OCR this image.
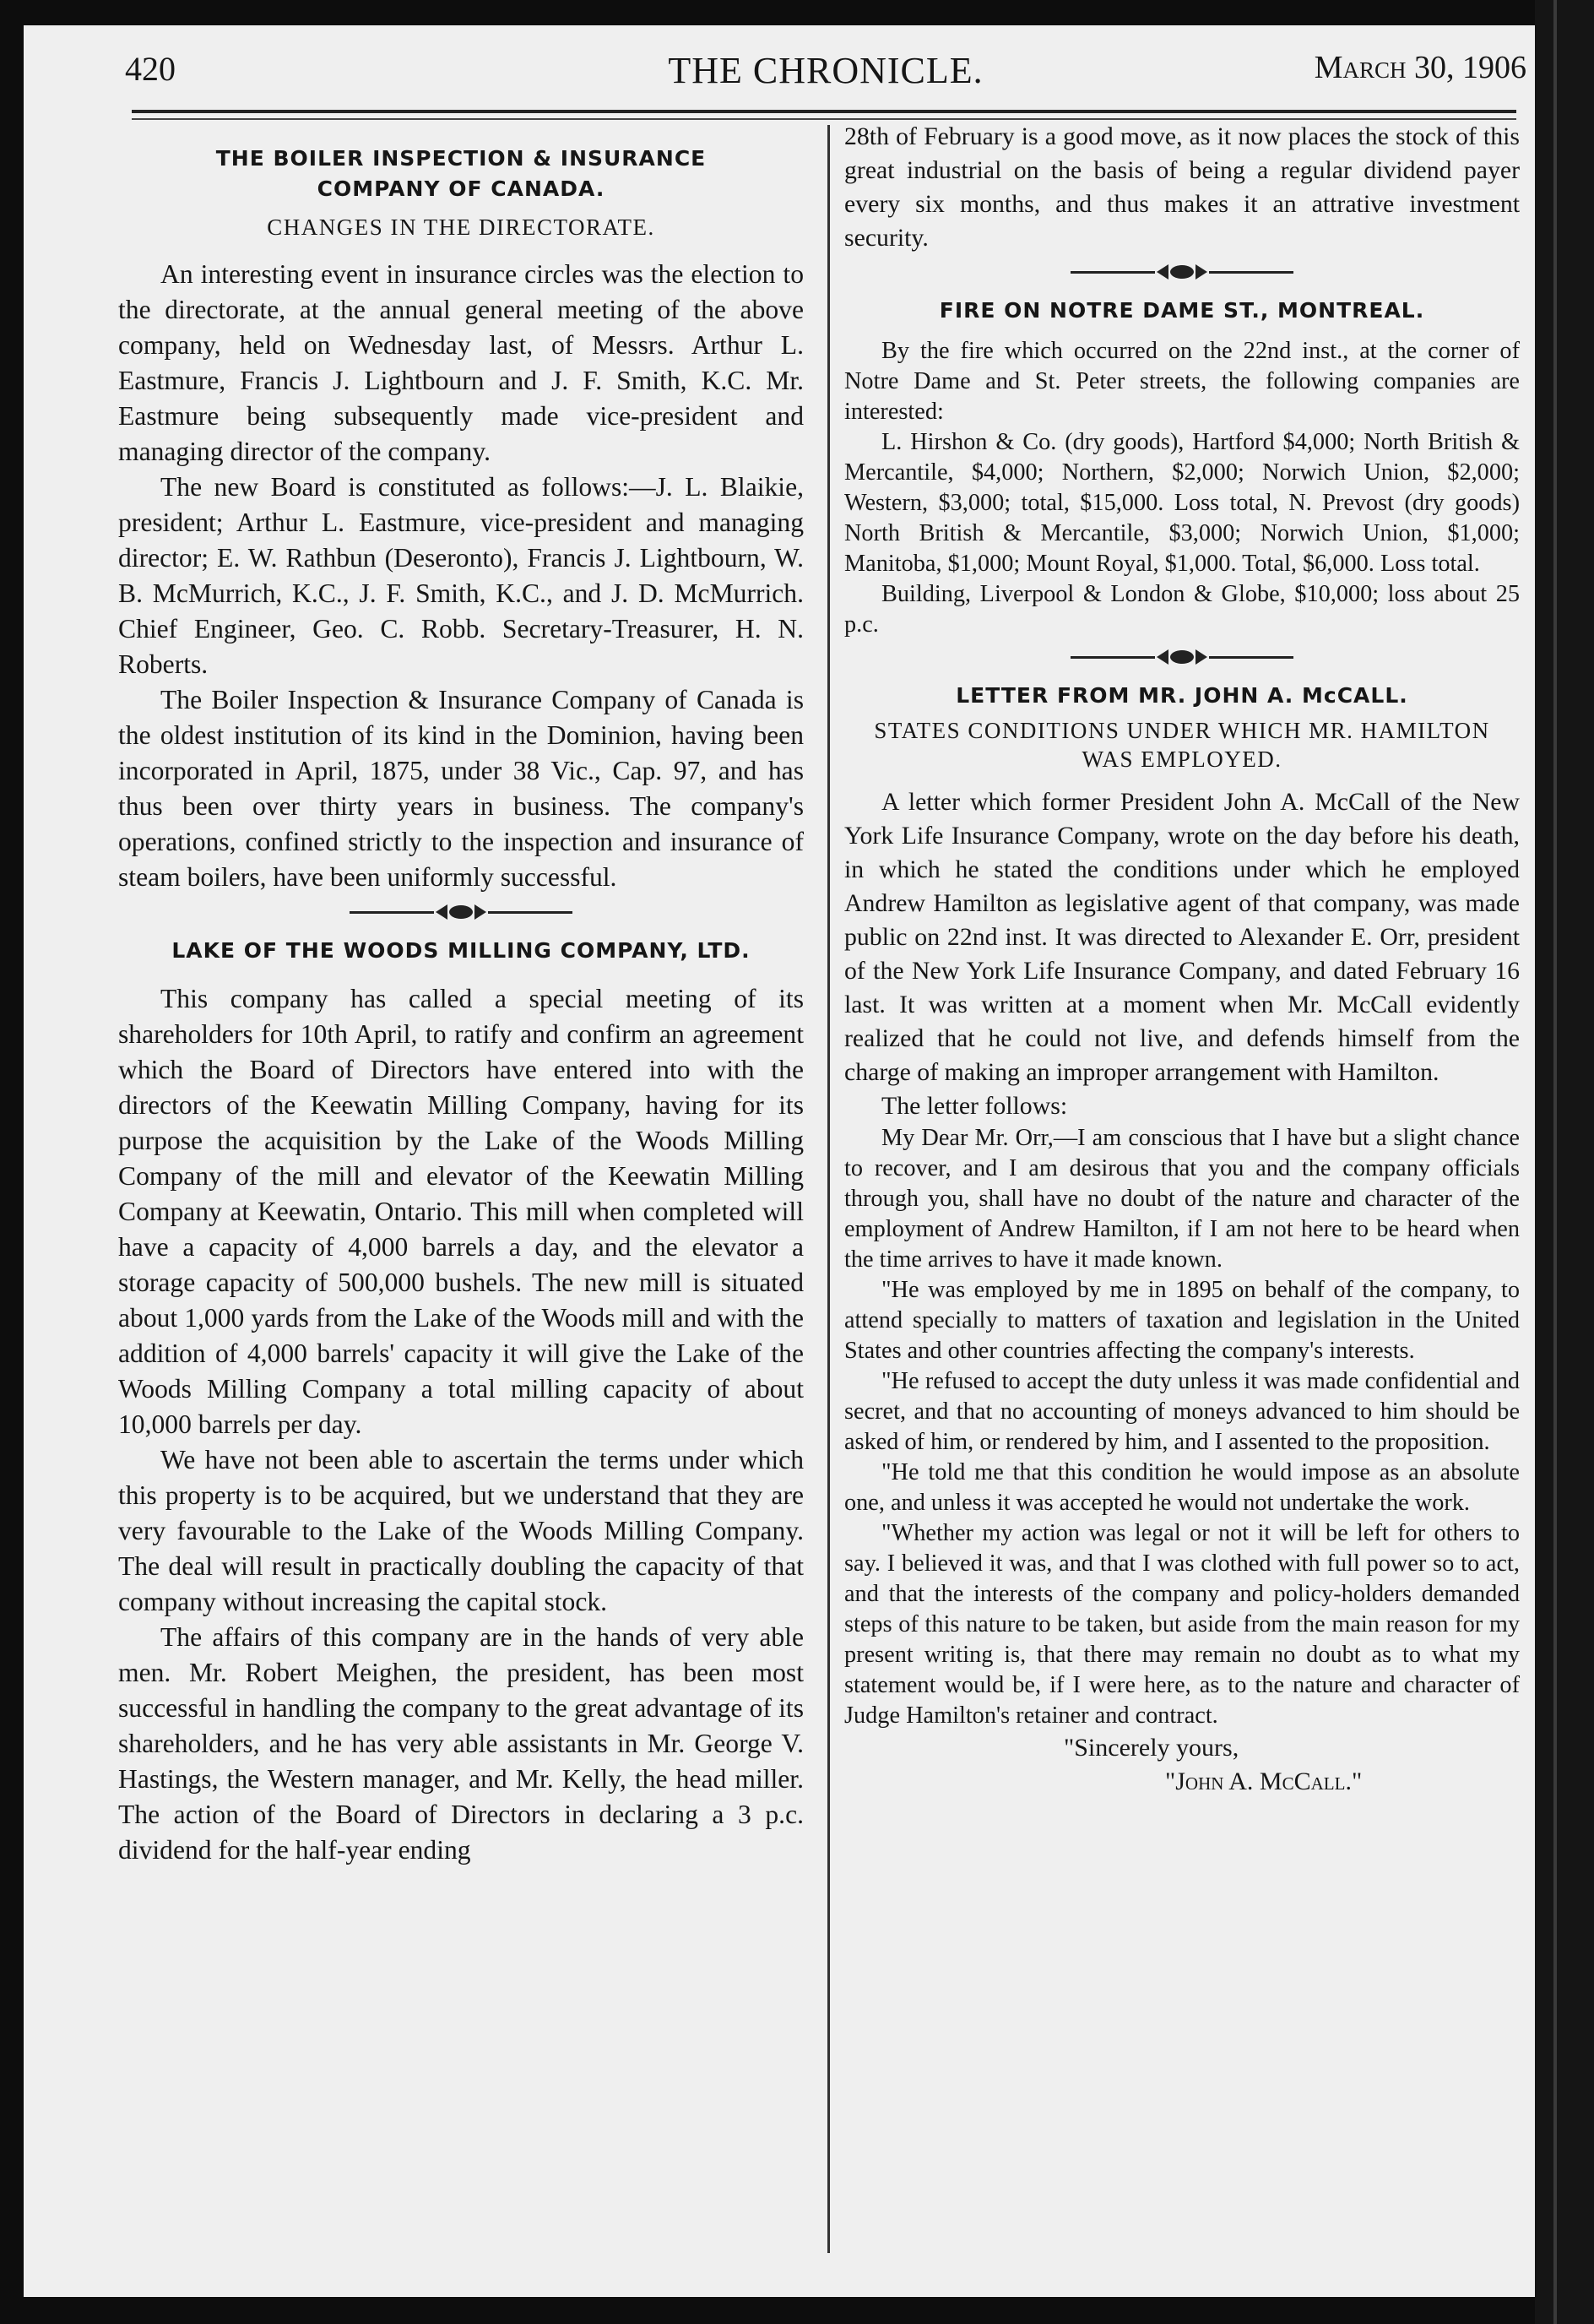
420	THE CHRONICLE.	March 30, 1906
THE BOILER INSPECTION & INSURANCE
COMPANY OF CANADA.
CHANGES IN THE DIRECTORATE.

An interesting event in insurance circles was the election to the directorate, at the annual general meeting of the above company, held on Wednesday last, of Messrs. Arthur L. Eastmure, Francis J. Lightbourn and J. F. Smith, K.C. Mr. Eastmure being subsequently made vice-president and managing director of the company.

The new Board is constituted as follows:—J. L. Blaikie, president; Arthur L. Eastmure, vice-president and managing director; E. W. Rathbun (Deseronto), Francis J. Lightbourn, W. B. McMurrich, K.C., J. F. Smith, K.C., and J. D. McMurrich. Chief Engineer, Geo. C. Robb. Secretary-Treasurer, H. N. Roberts.

The Boiler Inspection & Insurance Company of Canada is the oldest institution of its kind in the Dominion, having been incorporated in April, 1875, under 38 Vic., Cap. 97, and has thus been over thirty years in business. The company's operations, confined strictly to the inspection and insurance of steam boilers, have been uniformly successful.

LAKE OF THE WOODS MILLING COMPANY, LTD.

This company has called a special meeting of its shareholders for 10th April, to ratify and confirm an agreement which the Board of Directors have entered into with the directors of the Keewatin Milling Company, having for its purpose the acquisition by the Lake of the Woods Milling Company of the mill and elevator of the Keewatin Milling Company at Keewatin, Ontario. This mill when completed will have a capacity of 4,000 barrels a day, and the elevator a storage capacity of 500,000 bushels. The new mill is situated about 1,000 yards from the Lake of the Woods mill and with the addition of 4,000 barrels' capacity it will give the Lake of the Woods Milling Company a total milling capacity of about 10,000 barrels per day.

We have not been able to ascertain the terms under which this property is to be acquired, but we understand that they are very favourable to the Lake of the Woods Milling Company. The deal will result in practically doubling the capacity of that company without increasing the capital stock.

The affairs of this company are in the hands of very able men. Mr. Robert Meighen, the president, has been most successful in handling the company to the great advantage of its shareholders, and he has very able assistants in Mr. George V. Hastings, the Western manager, and Mr. Kelly, the head miller. The action of the Board of Directors in declaring a 3 p.c. dividend for the half-year ending

28th of February is a good move, as it now places the stock of this great industrial on the basis of being a regular dividend payer every six months, and thus makes it an attrative investment security.

FIRE ON NOTRE DAME ST., MONTREAL.

By the fire which occurred on the 22nd inst., at the corner of Notre Dame and St. Peter streets, the following companies are interested:

L. Hirshon & Co. (dry goods), Hartford $4,000; North British & Mercantile, $4,000; Northern, $2,000; Norwich Union, $2,000; Western, $3,000; total, $15,000. Loss total, N. Prevost (dry goods) North British & Mercantile, $3,000; Norwich Union, $1,000; Manitoba, $1,000; Mount Royal, $1,000. Total, $6,000. Loss total.

Building, Liverpool & London & Globe, $10,000; loss about 25 p.c.

LETTER FROM MR. JOHN A. McCALL.
STATES CONDITIONS UNDER WHICH MR. HAMILTON
WAS EMPLOYED.

A letter which former President John A. McCall of the New York Life Insurance Company, wrote on the day before his death, in which he stated the conditions under which he employed Andrew Hamilton as legislative agent of that company, was made public on 22nd inst. It was directed to Alexander E. Orr, president of the New York Life Insurance Company, and dated February 16 last. It was written at a moment when Mr. McCall evidently realized that he could not live, and defends himself from the charge of making an improper arrangement with Hamilton.

The letter follows:

My Dear Mr. Orr,—I am conscious that I have but a slight chance to recover, and I am desirous that you and the company officials through you, shall have no doubt of the nature and character of the employment of Andrew Hamilton, if I am not here to be heard when the time arrives to have it made known.

"He was employed by me in 1895 on behalf of the company, to attend specially to matters of taxation and legislation in the United States and other countries affecting the company's interests.

"He refused to accept the duty unless it was made confidential and secret, and that no accounting of moneys advanced to him should be asked of him, or rendered by him, and I assented to the proposition.

"He told me that this condition he would impose as an absolute one, and unless it was accepted he would not undertake the work.

"Whether my action was legal or not it will be left for others to say. I believed it was, and that I was clothed with full power so to act, and that the interests of the company and policy-holders demanded steps of this nature to be taken, but aside from the main reason for my present writing is, that there may remain no doubt as to what my statement would be, if I were here, as to the nature and character of Judge Hamilton's retainer and contract.

"Sincerely yours,

"John A. McCall."
